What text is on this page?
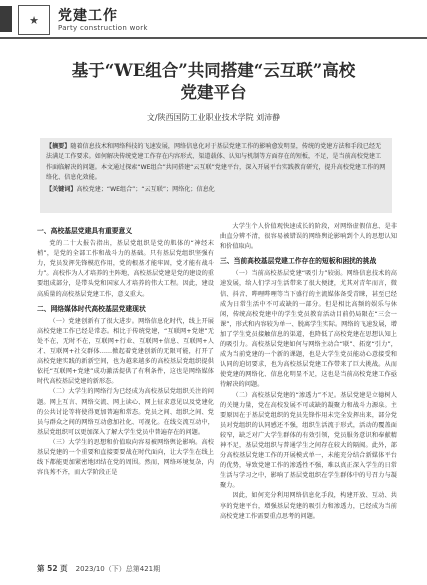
★ 党建工作
Party construction work
基于“WE组合”共同搭建“云互联”高校
党建平台
文/陕西国防工业职业技术学院 刘沛静
【摘要】随着信息技术和网络科技的飞速发展，网络信息化对于基层党建工作的影响愈发明显，传统的党建方法和手段已经无法满足工作要求。如何解决传统党建工作存在内容形式、渠道载体、认知与机制等方面存在的短板，不足，是当前高校党建工作面临解决的问题。本文通过探索“WE组合”共同搭建“云互联”党建平台，深入开展平台实践教育研究，提升高校党建工作的网络化、信息化效能。
【关键词】高校党建；“WE组合”；“云互联”；网络化；信息化
一、高校基层党建具有重要意义

党的二十大报告指出，基层党组织是党的肌体的“神经末梢”，是党的全部工作和战斗力的基础。只有基层党组织坚强有力，党员发挥先锋模范作用，党的根基才能牢固，党才能有战斗力”。高校作为人才培养的主阵地，高校基层党建是党的建设的重要组成部分，是带头党和国家人才培养的伟大工程。因此，建设高质量的高校基层党建工作，意义重大。

二、网络媒体时代高校基层党建现状

（一）党建创新有了很大进步。网络信息化时代，线上开展高校党建工作已经是常态。相比于传统党建，“互联网+党建”无处不在，无时不在，互联网+行业、互联网+信息、互联网+人才、互联网+社交群体……掀起着党建创新的无限可能，打开了高校党建实践的新新空间，也为越来越多的高校基层党组织提供依托“互联网+党建”成功激活提供了有利条件，这也是网络媒体时代高校基层党建的新形态。

（二）大学生的网络行为已经成为高校基层党组织关注的问题。网上互言、网络交流、网上读心、网上征求意见以及党建化的公共讨论等将使得更加普遍和常态。党员之间、组织之间、党员与群众之间的网络互动愈加社化、可视化。在线交流互动中，基层党组织可以更加深入了解大学生党员中普遍存在的问题。

（三）大学生的思想和价值取向容易被网络舆论影响。高校基层党建的一个重要和直接要要战在时代面向，让大学生在线上线下都能更加紧密地团结在党的周围。然而，网络环境复杂，内容良莠不齐，而大学阶段正是

大学生个人价值观快速成长的阶段，对网络虚假信息、是非曲直分辨不清，很容易被错误的网络舆论影响到个人的思想认知和价值取向。

三、当前高校基层党建工作存在的短板和困扰的挑战

（一）当前高校基层党建“吸引力”较弱。网络信息技术的高速发展，给人们学习生活带来了很大便捷，尤其对青年而言，微信、抖音、哔哩哔哩等当下盛行的主流媒体备受青睐，甚至已经成为日常生活中不可或缺的一部分。但是相比高频的娱乐与休闲，传统高校党建中的学生党员教育活动目前仍局限在“三会一课”，形式和内容较为单一、脱离学生实际。网络的飞速发展，增加了学生党员接触信息的渠道，也降低了高校党建在思想认知上的吸引力。高校基层党建如何与网络主动合“联”、拓宽“引力”，成为当前党建的一个新的课题，也是大学生党员能动心意接受和认同的迫切要求，也为高校基层党建工作带来了巨大挑战。从而使党建的网络化、信息化明显不足，这也是当前高校党建工作亟待解决的问题。

（二）高校基层党建的“渗透力”不足。基层党建是立德树人的关键力量，党在高校发展不可或缺的凝聚力和战斗力源泉。主要原因在于基层党组织的党员先锋作用未完全发挥出来，部分党员对党组织的认同感还不强，组织生活流于形式，活动的覆盖面较窄，缺乏对广大学生群体的有效引领，党员服务意识和奉献精神不足，基层党组织与普通学生之间存在较大的隔阂。此外，部分高校基层党建工作的开展模式单一，未能充分结合新媒体平台的优势，导致党建工作的渗透性不强，难以真正深入学生的日常生活与学习之中，影响了基层党组织在学生群体中的号召力与凝聚力。

因此，如何充分利用网络信息化手段，构建开放、互动、共享的党建平台，增强基层党建的吸引力和渗透力，已经成为当前高校党建工作需要重点思考的问题。

第 52 页 2023/10（下）总第421期
